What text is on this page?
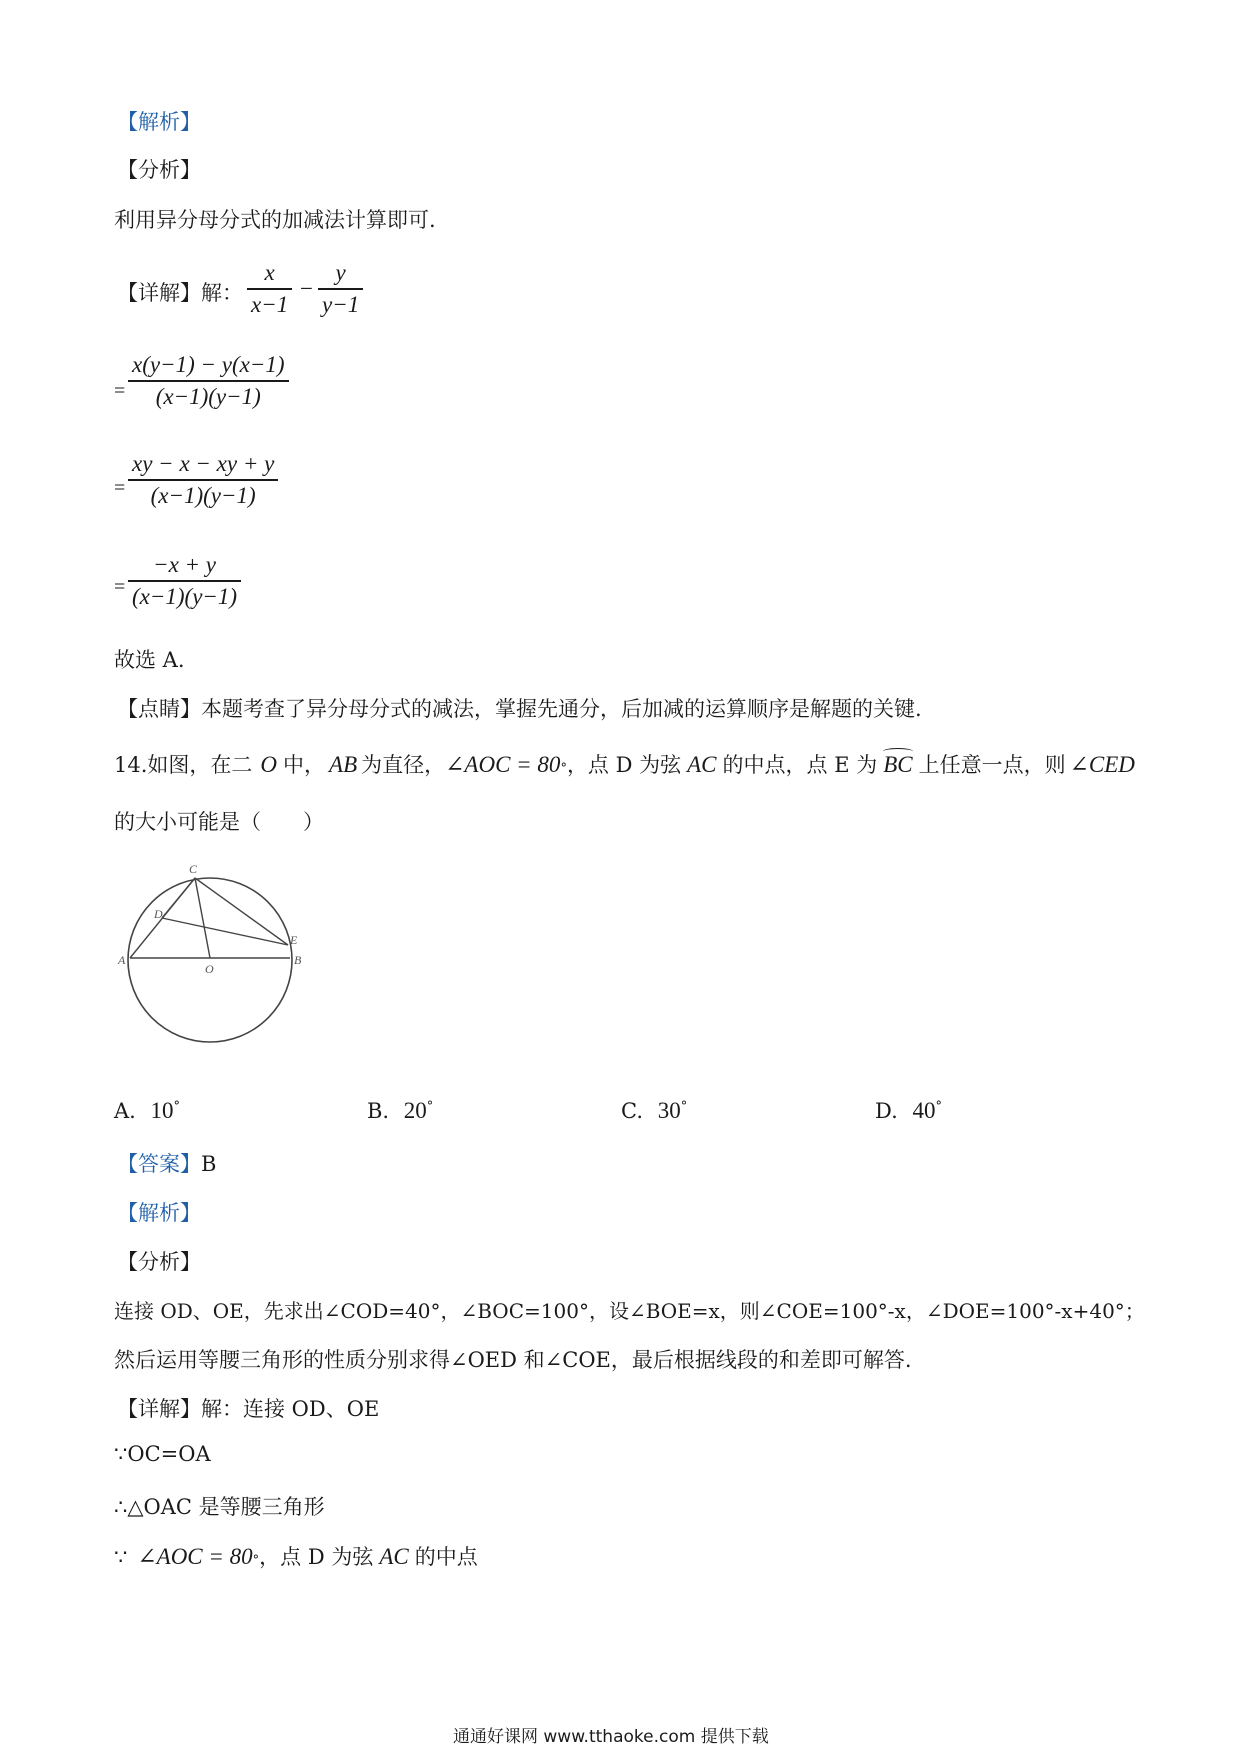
【解析】
【分析】
利用异分母分式的加减法计算即可.
【详解】解：
x
x−1
−
y
y−1
=
x(y−1) − y(x−1)
(x−1)(y−1)
=
xy − x − xy + y
(x−1)(y−1)
=
−x + y
(x−1)(y−1)
故选 A.
【点睛】本题考查了异分母分式的减法，掌握先通分，后加减的运算顺序是解题的关键.
14.如图，在⼆ O 中， AB 为直径， ∠AOC = 80 ° ，点 D 为弦 AC 的中点，点 E 为 BC 上任意一点，则 ∠CED
的大小可能是（　　）
C
D
E
A
O
B
A. 10°	B. 20°	C. 30°	D. 40°
【答案】B
【解析】
【分析】
连接 OD、OE，先求出∠COD=40°，∠BOC=100°，设∠BOE=x，则∠COE=100°-x，∠DOE=100°-x+40°；
然后运用等腰三角形的性质分别求得∠OED 和∠COE，最后根据线段的和差即可解答.
【详解】解：连接 OD、OE
∵OC=OA
∴△OAC 是等腰三角形
∵ ∠AOC = 80 ° ，点 D 为弦 AC 的中点
通通好课网 www.tthaoke.com 提供下载
